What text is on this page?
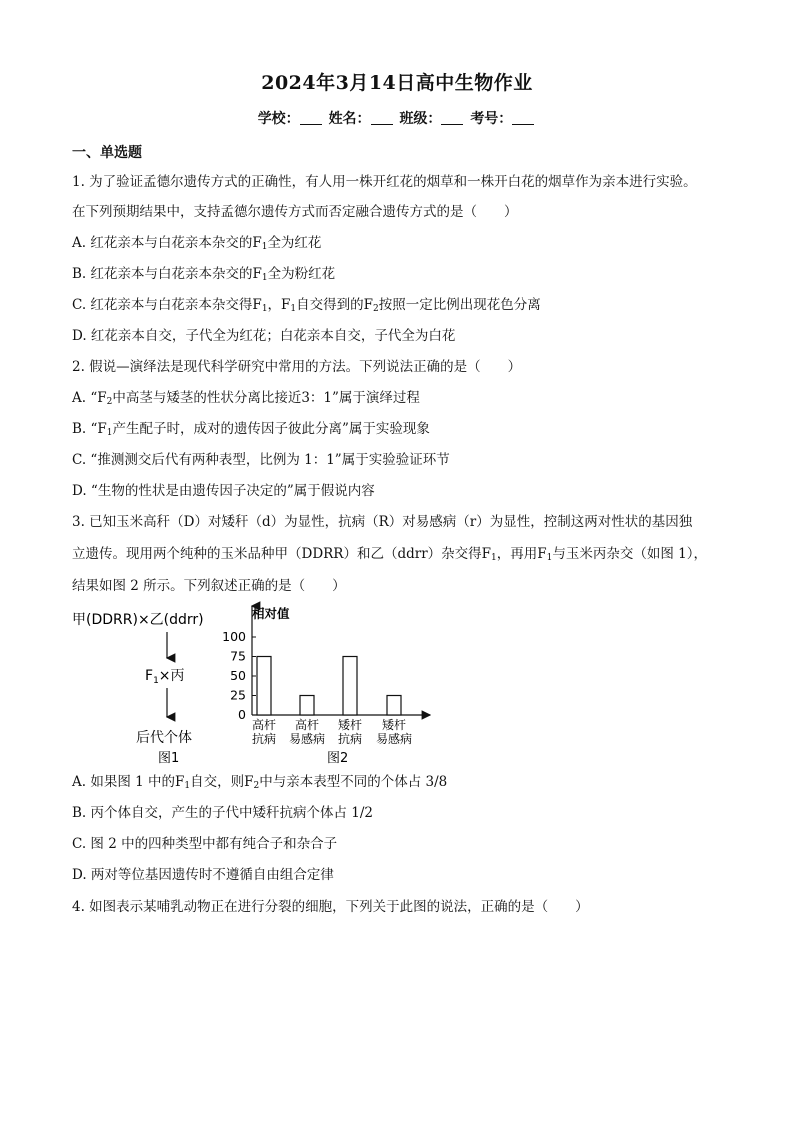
2024年3月14日高中生物作业
学校： 姓名： 班级： 考号：
一、单选题
1. 为了验证孟德尔遗传方式的正确性，有人用一株开红花的烟草和一株开白花的烟草作为亲本进行实验。
在下列预期结果中，支持孟德尔遗传方式而否定融合遗传方式的是（　　）
A. 红花亲本与白花亲本杂交的$F_1$全为红花
B. 红花亲本与白花亲本杂交的$F_1$全为粉红花
C. 红花亲本与白花亲本杂交得$F_1$，$F_1$自交得到的$F_2$按照一定比例出现花色分离
D. 红花亲本自交，子代全为红花；白花亲本自交，子代全为白花
2. 假说—演绎法是现代科学研究中常用的方法。下列说法正确的是（　　）
A. “$F_2$中高茎与矮茎的性状分离比接近3：1”属于演绎过程
B. “$F_1$产生配子时，成对的遗传因子彼此分离”属于实验现象
C. “推测测交后代有两种表型，比例为 1：1”属于实验验证环节
D. “生物的性状是由遗传因子决定的”属于假说内容
3. 已知玉米高秆（D）对矮秆（d）为显性，抗病（R）对易感病（r）为显性，控制这两对性状的基因独
立遗传。现用两个纯种的玉米品种甲（DDRR）和乙（ddrr）杂交得$F_1$，再用$F_1$与玉米丙杂交（如图 1），
结果如图 2 所示。下列叙述正确的是（　　）
甲(DDRR)×乙(ddrr)
$F_1\times$丙
后代个体
图1
相对值
0
25
50
75
100
高杆
抗病
高杆
易感病
矮杆
抗病
矮杆
易感病
图2
A. 如果图 1 中的$F_1$自交，则$F_2$中与亲本表型不同的个体占 3/8
B. 丙个体自交，产生的子代中矮秆抗病个体占 1/2
C. 图 2 中的四种类型中都有纯合子和杂合子
D. 两对等位基因遗传时不遵循自由组合定律
4. 如图表示某哺乳动物正在进行分裂的细胞，下列关于此图的说法，正确的是（　　）
